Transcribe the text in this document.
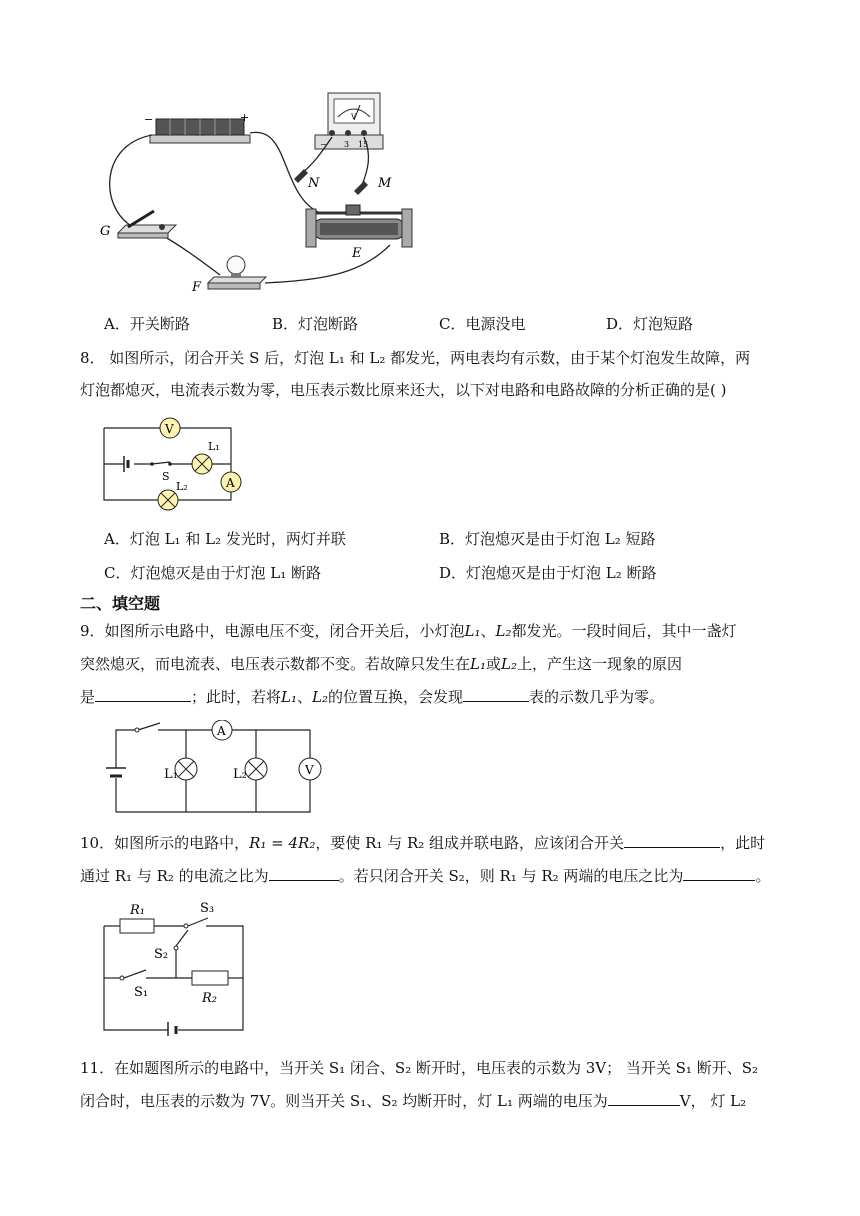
−	+	V
− 3 15
N	M
G
F
E
A．开关断路	B．灯泡断路	C．电源没电	D．灯泡短路
8． 如图所示，闭合开关 S 后，灯泡 L₁ 和 L₂ 都发光，两电表均有示数，由于某个灯泡发生故障，两
灯泡都熄灭，电流表示数为零，电压表示数比原来还大，以下对电路和电路故障的分析正确的是( )
V
A
S
L₁
L₂
A．灯泡 L₁ 和 L₂ 发光时，两灯并联	B．灯泡熄灭是由于灯泡 L₂ 短路
C．灯泡熄灭是由于灯泡 L₁ 断路	D．灯泡熄灭是由于灯泡 L₂ 断路
二、填空题
9．如图所示电路中，电源电压不变，闭合开关后，小灯泡L₁、L₂都发光。一段时间后，其中一盏灯
突然熄灭，而电流表、电压表示数都不变。若故障只发生在L₁或L₂上，产生这一现象的原因
是	；此时，若将L₁、L₂的位置互换，会发现	表的示数几乎为零。
A
V
L₁	L₂
10．如图所示的电路中，R₁ = 4R₂，要使 R₁ 与 R₂ 组成并联电路，应该闭合开关	，此时
通过 R₁ 与 R₂ 的电流之比为	。若只闭合开关 S₂，则 R₁ 与 R₂ 两端的电压之比为	。
R₁
R₂
S₃
S₂
S₁
11．在如题图所示的电路中，当开关 S₁ 闭合、S₂ 断开时，电压表的示数为 3V； 当开关 S₁ 断开、S₂
闭合时，电压表的示数为 7V。则当开关 S₁、S₂ 均断开时，灯 L₁ 两端的电压为	V， 灯 L₂
